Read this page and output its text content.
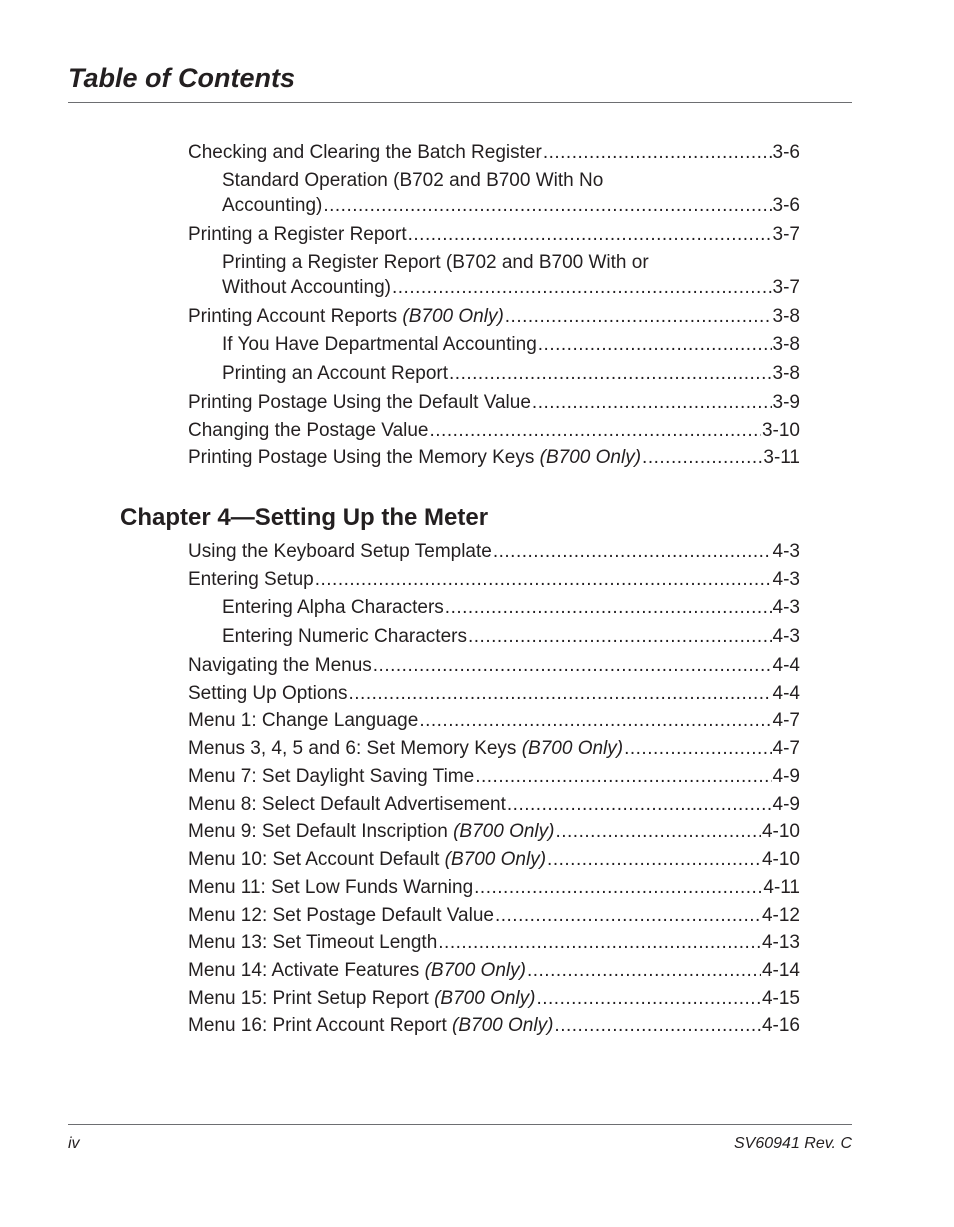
Table of Contents
Checking and Clearing the Batch Register .....	3-6
Standard Operation (B702 and B700 With No
Accounting) .....	3-6
Printing a Register Report .....	3-7
Printing a Register Report (B702 and B700 With or
Without Accounting) .....	3-7
Printing Account Reports (B700 Only) .....	3-8
If You Have Departmental Accounting .....	3-8
Printing an Account Report .....	3-8
Printing Postage Using the Default Value .....	3-9
Changing the Postage Value .....	3-10
Printing Postage Using the Memory Keys (B700 Only) .....	3-11
Chapter 4—Setting Up the Meter
Using the Keyboard Setup Template .....	4-3
Entering Setup .....	4-3
Entering Alpha Characters .....	4-3
Entering Numeric Characters .....	4-3
Navigating the Menus .....	4-4
Setting Up Options .....	4-4
Menu 1: Change Language .....	4-7
Menus 3, 4, 5 and 6: Set Memory Keys (B700 Only) .....	4-7
Menu 7: Set Daylight Saving Time .....	4-9
Menu 8: Select Default Advertisement .....	4-9
Menu 9: Set Default Inscription (B700 Only) .....	4-10
Menu 10: Set Account Default (B700 Only) .....	4-10
Menu 11: Set Low Funds Warning .....	4-11
Menu 12: Set Postage Default Value .....	4-12
Menu 13: Set Timeout Length .....	4-13
Menu 14: Activate Features (B700 Only) .....	4-14
Menu 15: Print Setup Report (B700 Only) .....	4-15
Menu 16: Print Account Report (B700 Only) .....	4-16
iv	SV60941 Rev. C
